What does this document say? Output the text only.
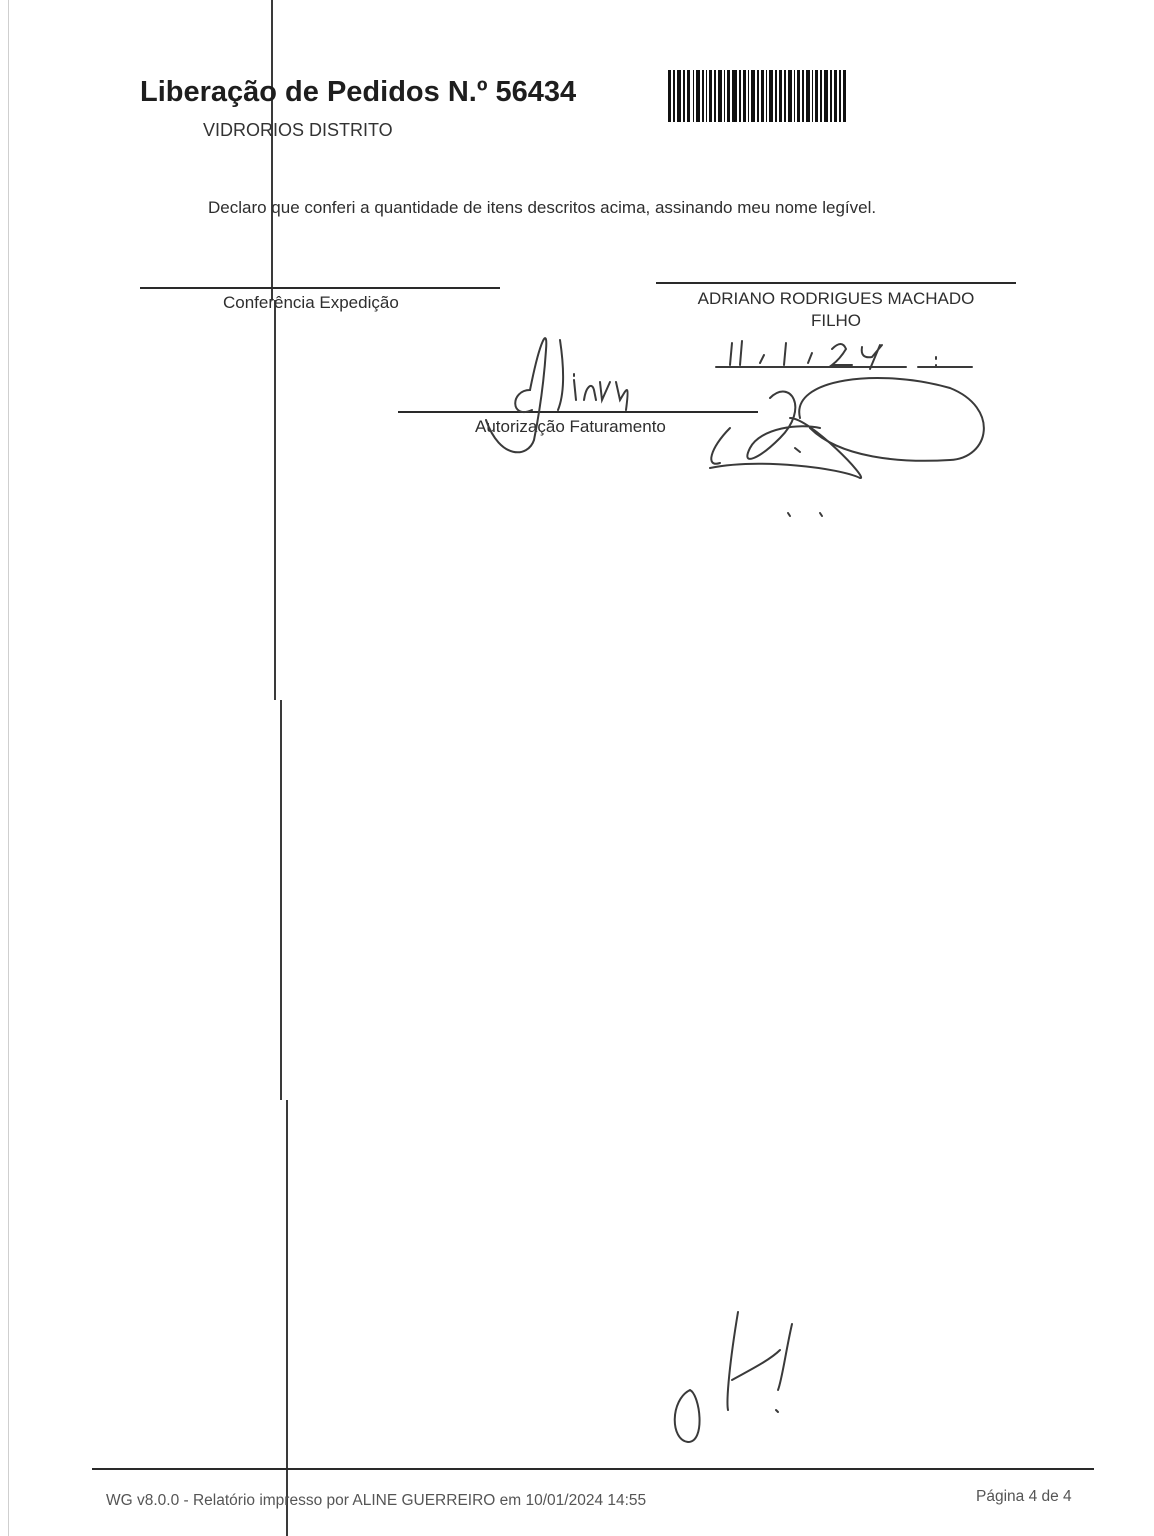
Liberação de Pedidos N.º 56434
VIDRORIOS DISTRITO
Declaro que conferi a quantidade de itens descritos acima, assinando meu nome legível.
Conferência Expedição	ADRIANO RODRIGUES MACHADO
FILHO
Autorização Faturamento
WG v8.0.0 - Relatório impresso por ALINE GUERREIRO em 10/01/2024 14:55	Página 4 de 4
